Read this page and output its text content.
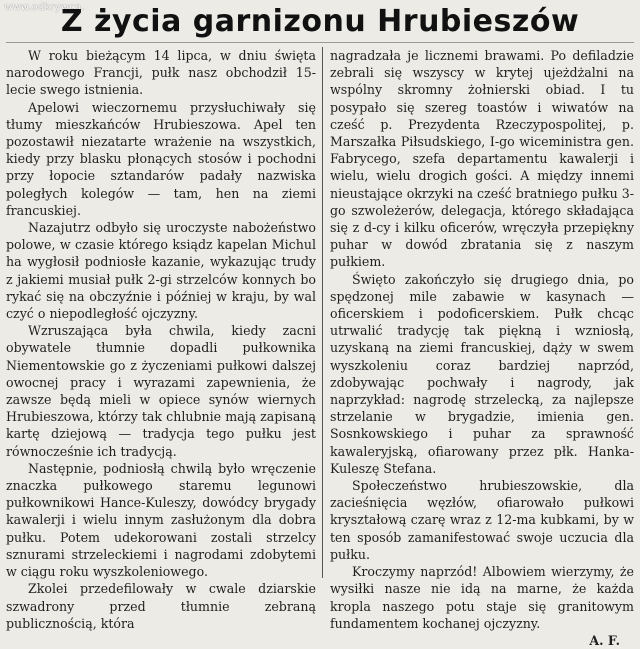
www.odkrywca.
Z życia garnizonu Hrubieszów

W roku bieżącym 14 lipca, w dniu święta narodowego Francji, pułk nasz obchodził 15-lecie swego istnienia.

Apelowi wieczornemu przysłuchiwały się tłumy mieszkańców Hrubieszowa. Apel ten pozostawił niezatarte wrażenie na wszystkich, kiedy przy blasku płonących stosów i pochodni przy łopocie sztandarów padały nazwiska poległych kolegów — tam, hen na ziemi francuskiej.

Nazajutrz odbyło się uroczyste nabożeństwo polowe, w czasie którego ksiądz kapelan Michul ha wygłosił podniosłe kazanie, wykazując trudy z jakiemi musiał pułk 2-gi strzelców konnych bo rykać się na obczyźnie i później w kraju, by wal czyć o niepodległość ojczyzny.

Wzruszająca była chwila, kiedy zacni obywatele tłumnie dopadli pułkownika Niementowskie go z życzeniami pułkowi dalszej owocnej pracy i wyrazami zapewnienia, że zawsze będą mieli w opiece synów wiernych Hrubieszowa, którzy tak chlubnie mają zapisaną kartę dziejową — tradycja tego pułku jest równocześnie ich tradycją.

Następnie, podniosłą chwilą było wręczenie znaczka pułkowego staremu legunowi pułkownikowi Hance-Kuleszy, dowódcy brygady kawalerji i wielu innym zasłużonym dla dobra pułku. Potem udekorowani zostali strzelcy sznurami strzeleckiemi i nagrodami zdobytemi w ciągu roku wyszkoleniowego.

Zkolei przedefilowały w cwale dziarskie szwadrony przed tłumnie zebraną publicznością, która

nagradzała je licznemi brawami. Po defiladzie zebrali się wszyscy w krytej ujeżdżalni na wspólny skromny żołnierski obiad. I tu posypało się szereg toastów i wiwatów na cześć p. Prezydenta Rzeczypospolitej, p. Marszałka Piłsudskiego, I-go wiceministra gen. Fabrycego, szefa departamentu kawalerji i wielu, wielu drogich gości. A między innemi nieustające okrzyki na cześć bratniego pułku 3-go szwoleżerów, delegacja, którego składająca się z d-cy i kilku oficerów, wręczyła przepiękny puhar w dowód zbratania się z naszym pułkiem.

Święto zakończyło się drugiego dnia, po spędzonej mile zabawie w kasynach — oficerskiem i podoficerskiem. Pułk chcąc utrwalić tradycję tak piękną i wzniosłą, uzyskaną na ziemi francuskiej, dąży w swem wyszkoleniu coraz bardziej naprzód, zdobywając pochwały i nagrody, jak naprzykład: nagrodę strzelecką, za najlepsze strzelanie w brygadzie, imienia gen. Sosnkowskiego i puhar za sprawność kawaleryjską, ofiarowany przez płk. Hanka-Kuleszę Stefana.

Społeczeństwo hrubieszowskie, dla zacieśnięcia węzłów, ofiarowało pułkowi kryształową czarę wraz z 12-ma kubkami, by w ten sposób zamanifestować swoje uczucia dla pułku.

Kroczymy naprzód! Albowiem wierzymy, że wysiłki nasze nie idą na marne, że każda kropla naszego potu staje się granitowym fundamentem kochanej ojczyzny.

A. F.
